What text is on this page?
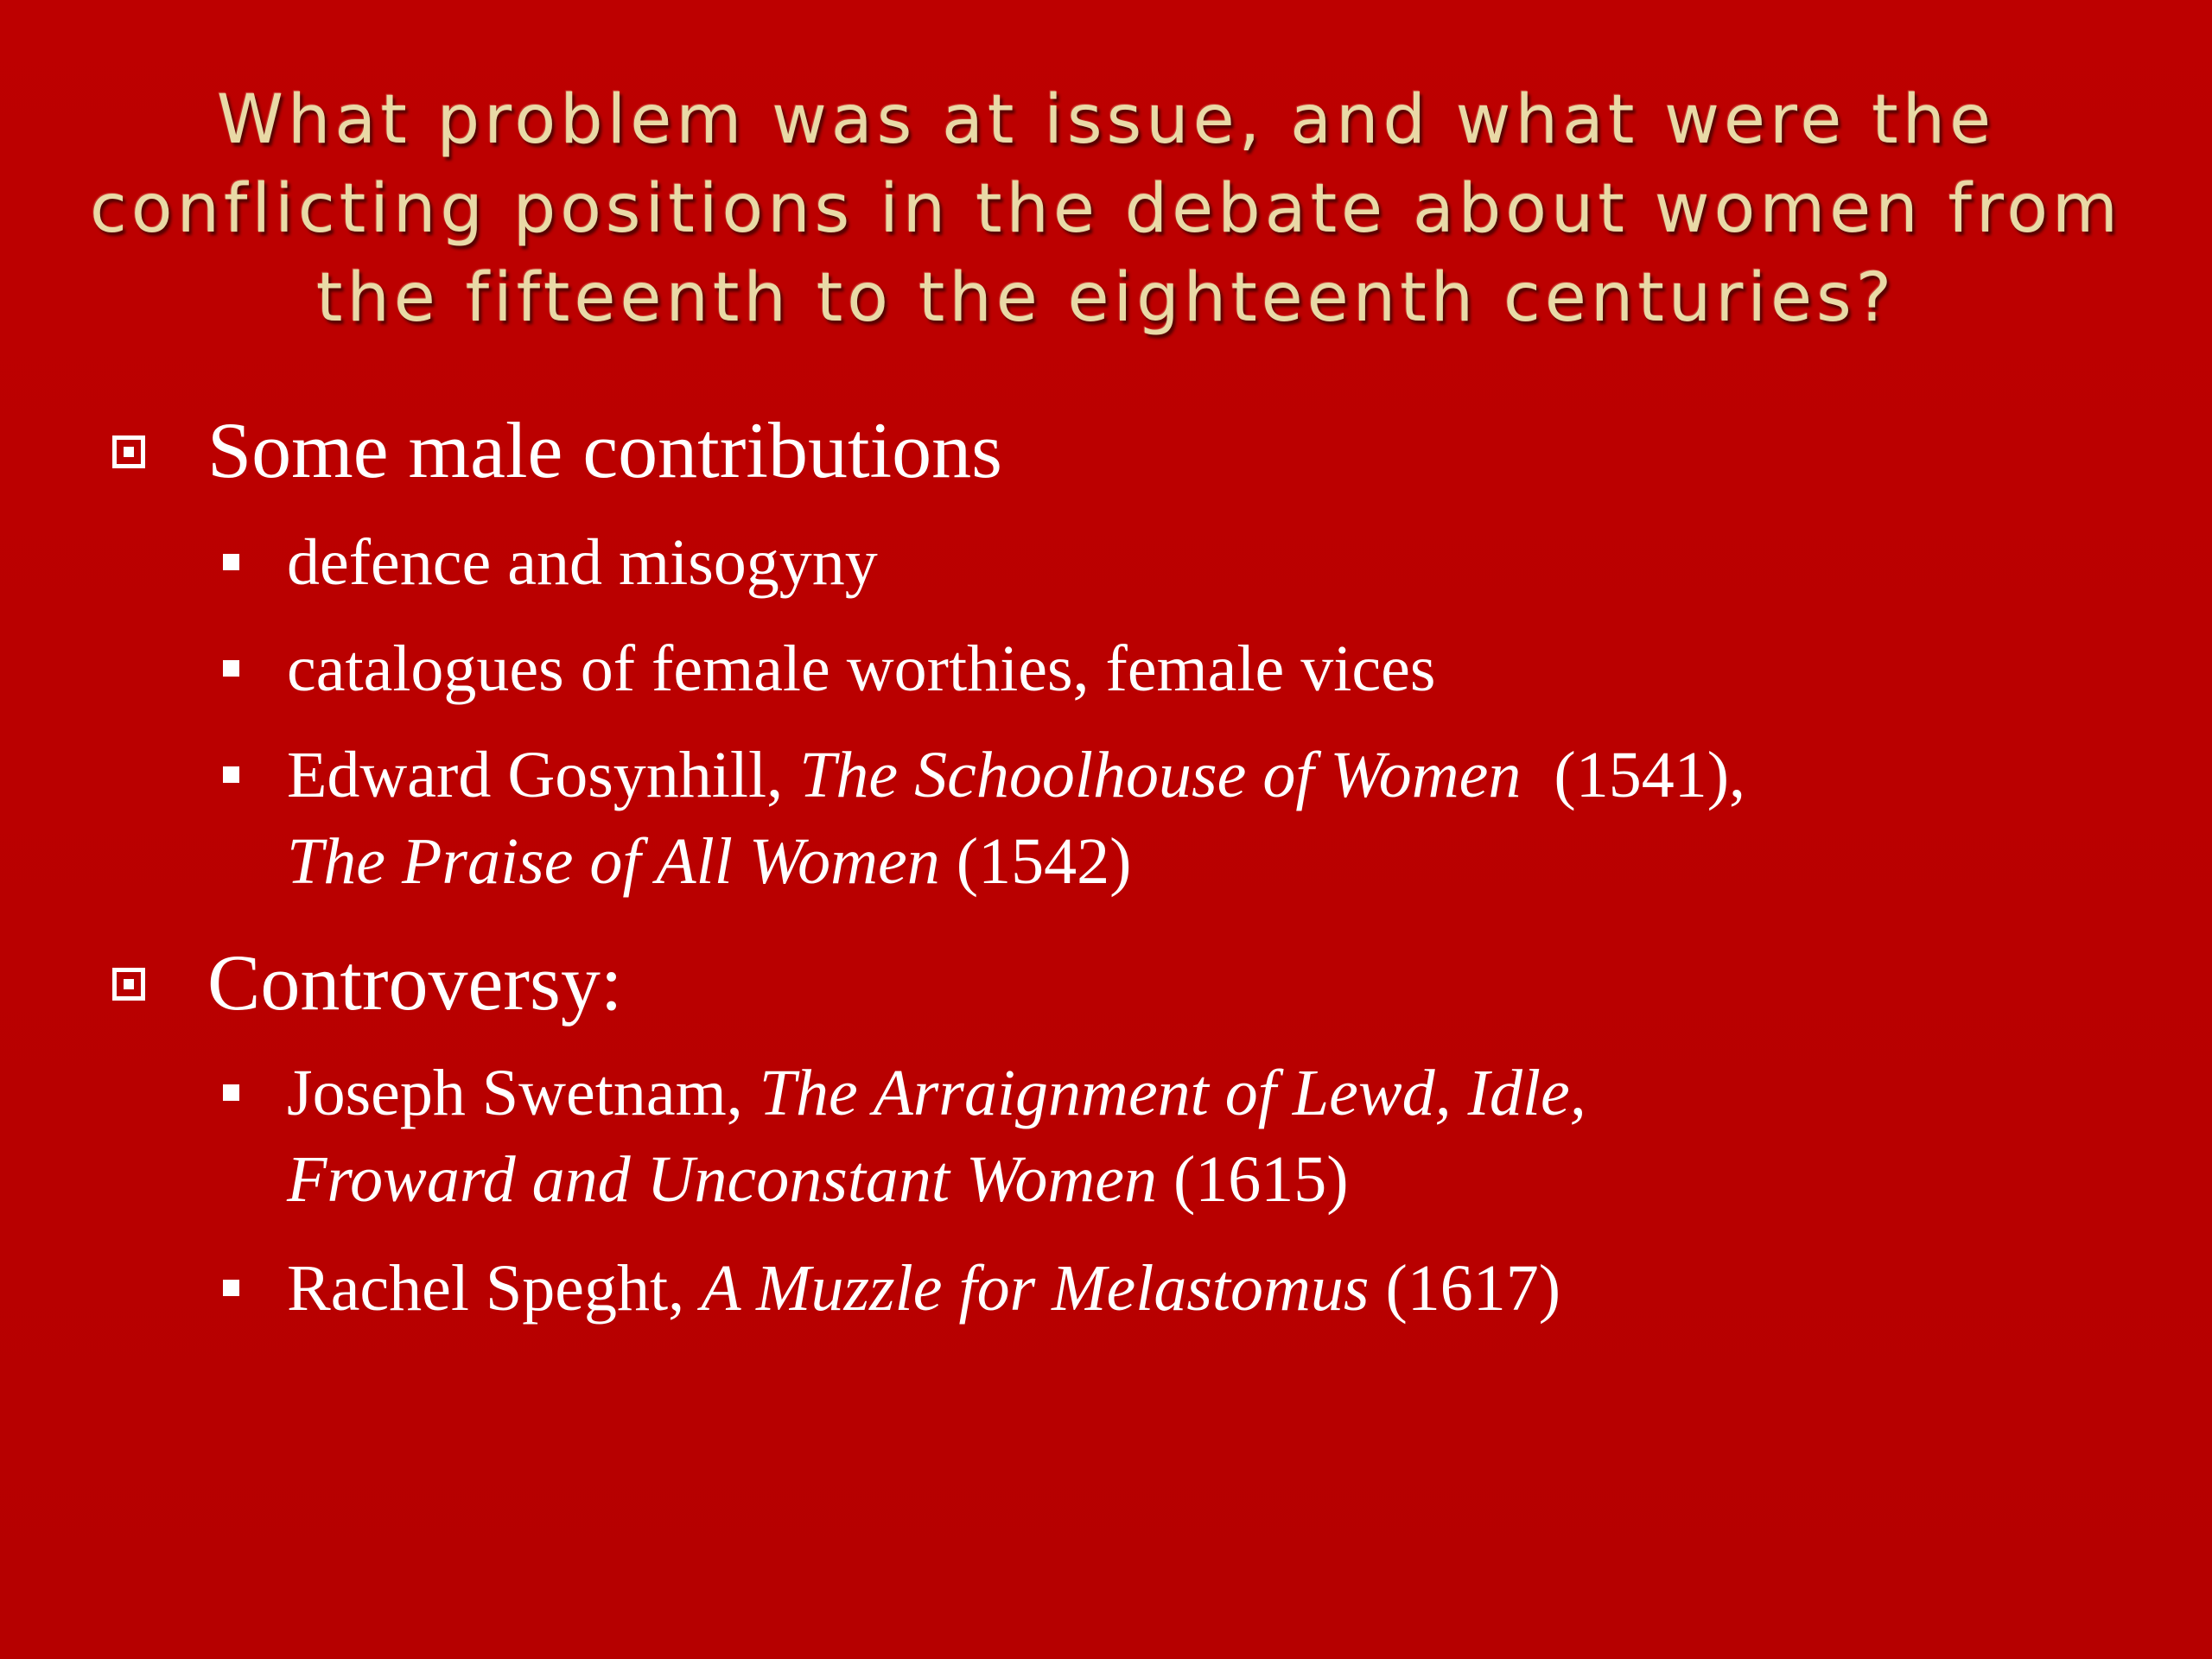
What problem was at issue, and what were the
conflicting positions in the debate about women from
the fifteenth to the eighteenth centuries?
Some male contributions
defence and misogyny
catalogues of female worthies, female vices
Edward Gosynhill, The Schoolhouse of Women  (1541),
The Praise of All Women (1542)
Controversy:
Joseph Swetnam, The Arraignment of Lewd, Idle,
Froward and Unconstant Women (1615)
Rachel Speght, A Muzzle for Melastomus (1617)
